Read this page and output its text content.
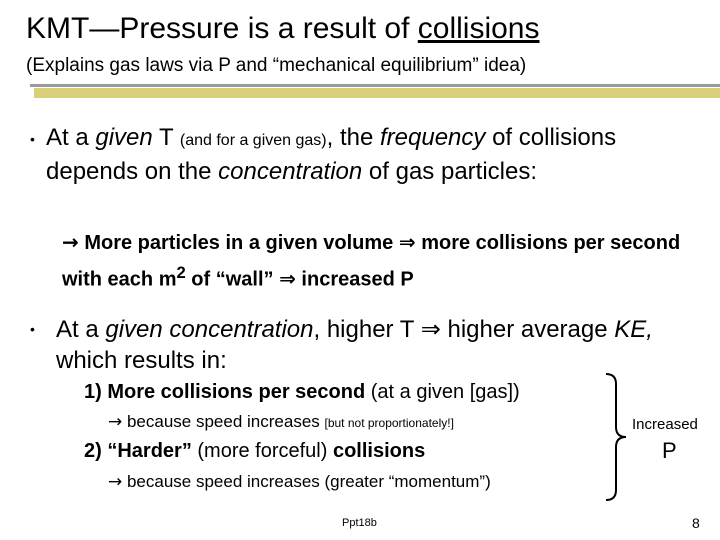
KMT—Pressure is a result of collisions
(Explains gas laws via P and “mechanical equilibrium” idea)
• At a given T (and for a given gas), the frequency of collisions depends on the concentration of gas particles:
→ More particles in a given volume ⇒ more collisions per second with each $m^2$ of “wall” ⇒ increased P
• At a given concentration, higher T ⇒ higher average KE, which results in:
1) More collisions per second (at a given [gas])
→ because speed increases [but not proportionately!]
2) “Harder” (more forceful) collisions
→ because speed increases (greater “momentum”)
Increased
P
Ppt18b	8
